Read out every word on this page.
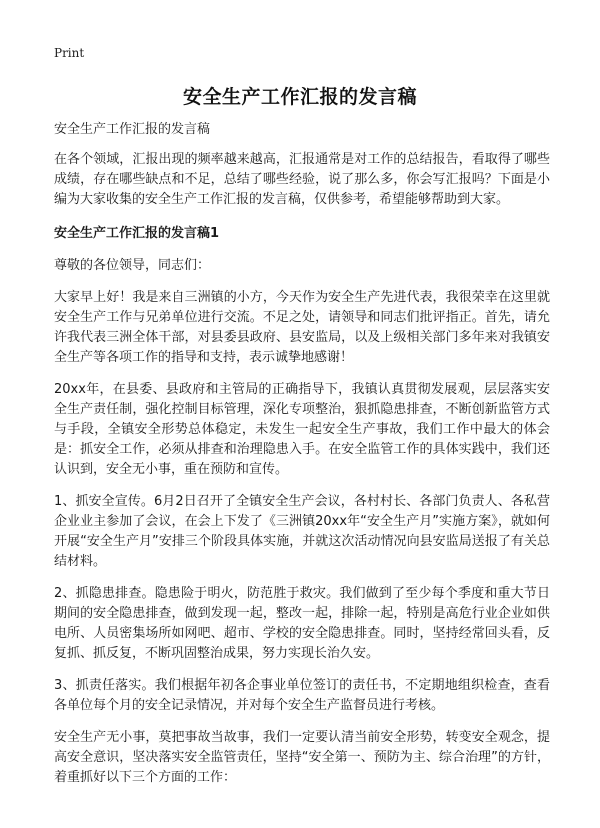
Print
安全生产工作汇报的发言稿
安全生产工作汇报的发言稿

在各个领域，汇报出现的频率越来越高，汇报通常是对工作的总结报告，看取得了哪些成绩，存在哪些缺点和不足，总结了哪些经验，说了那么多，你会写汇报吗？下面是小编为大家收集的安全生产工作汇报的发言稿，仅供参考，希望能够帮助到大家。

安全生产工作汇报的发言稿1

尊敬的各位领导，同志们：

大家早上好！我是来自三洲镇的小方，今天作为安全生产先进代表，我很荣幸在这里就安全生产工作与兄弟单位进行交流。不足之处，请领导和同志们批评指正。首先，请允许我代表三洲全体干部，对县委县政府、县安监局，以及上级相关部门多年来对我镇安全生产等各项工作的指导和支持，表示诚挚地感谢！

20xx年，在县委、县政府和主管局的正确指导下，我镇认真贯彻发展观，层层落实安全生产责任制，强化控制目标管理，深化专项整治，狠抓隐患排查，不断创新监管方式与手段，全镇安全形势总体稳定，未发生一起安全生产事故，我们工作中最大的体会是：抓安全工作，必须从排查和治理隐患入手。在安全监管工作的具体实践中，我们还认识到，安全无小事，重在预防和宣传。

1、抓安全宣传。6月2日召开了全镇安全生产会议，各村村长、各部门负责人、各私营企业业主参加了会议，在会上下发了《三洲镇20xx年“安全生产月”实施方案》，就如何开展“安全生产月”安排三个阶段具体实施，并就这次活动情况向县安监局送报了有关总结材料。

2、抓隐患排查。隐患险于明火，防范胜于救灾。我们做到了至少每个季度和重大节日期间的安全隐患排查，做到发现一起，整改一起，排除一起，特别是高危行业企业如供电所、人员密集场所如网吧、超市、学校的安全隐患排查。同时，坚持经常回头看，反复抓、抓反复，不断巩固整治成果，努力实现长治久安。

3、抓责任落实。我们根据年初各企事业单位签订的责任书，不定期地组织检查，查看各单位每个月的安全记录情况，并对每个安全生产监督员进行考核。

安全生产无小事，莫把事故当故事，我们一定要认清当前安全形势，转变安全观念，提高安全意识，坚决落实安全监管责任，坚持“安全第一、预防为主、综合治理”的方针，着重抓好以下三个方面的工作：
